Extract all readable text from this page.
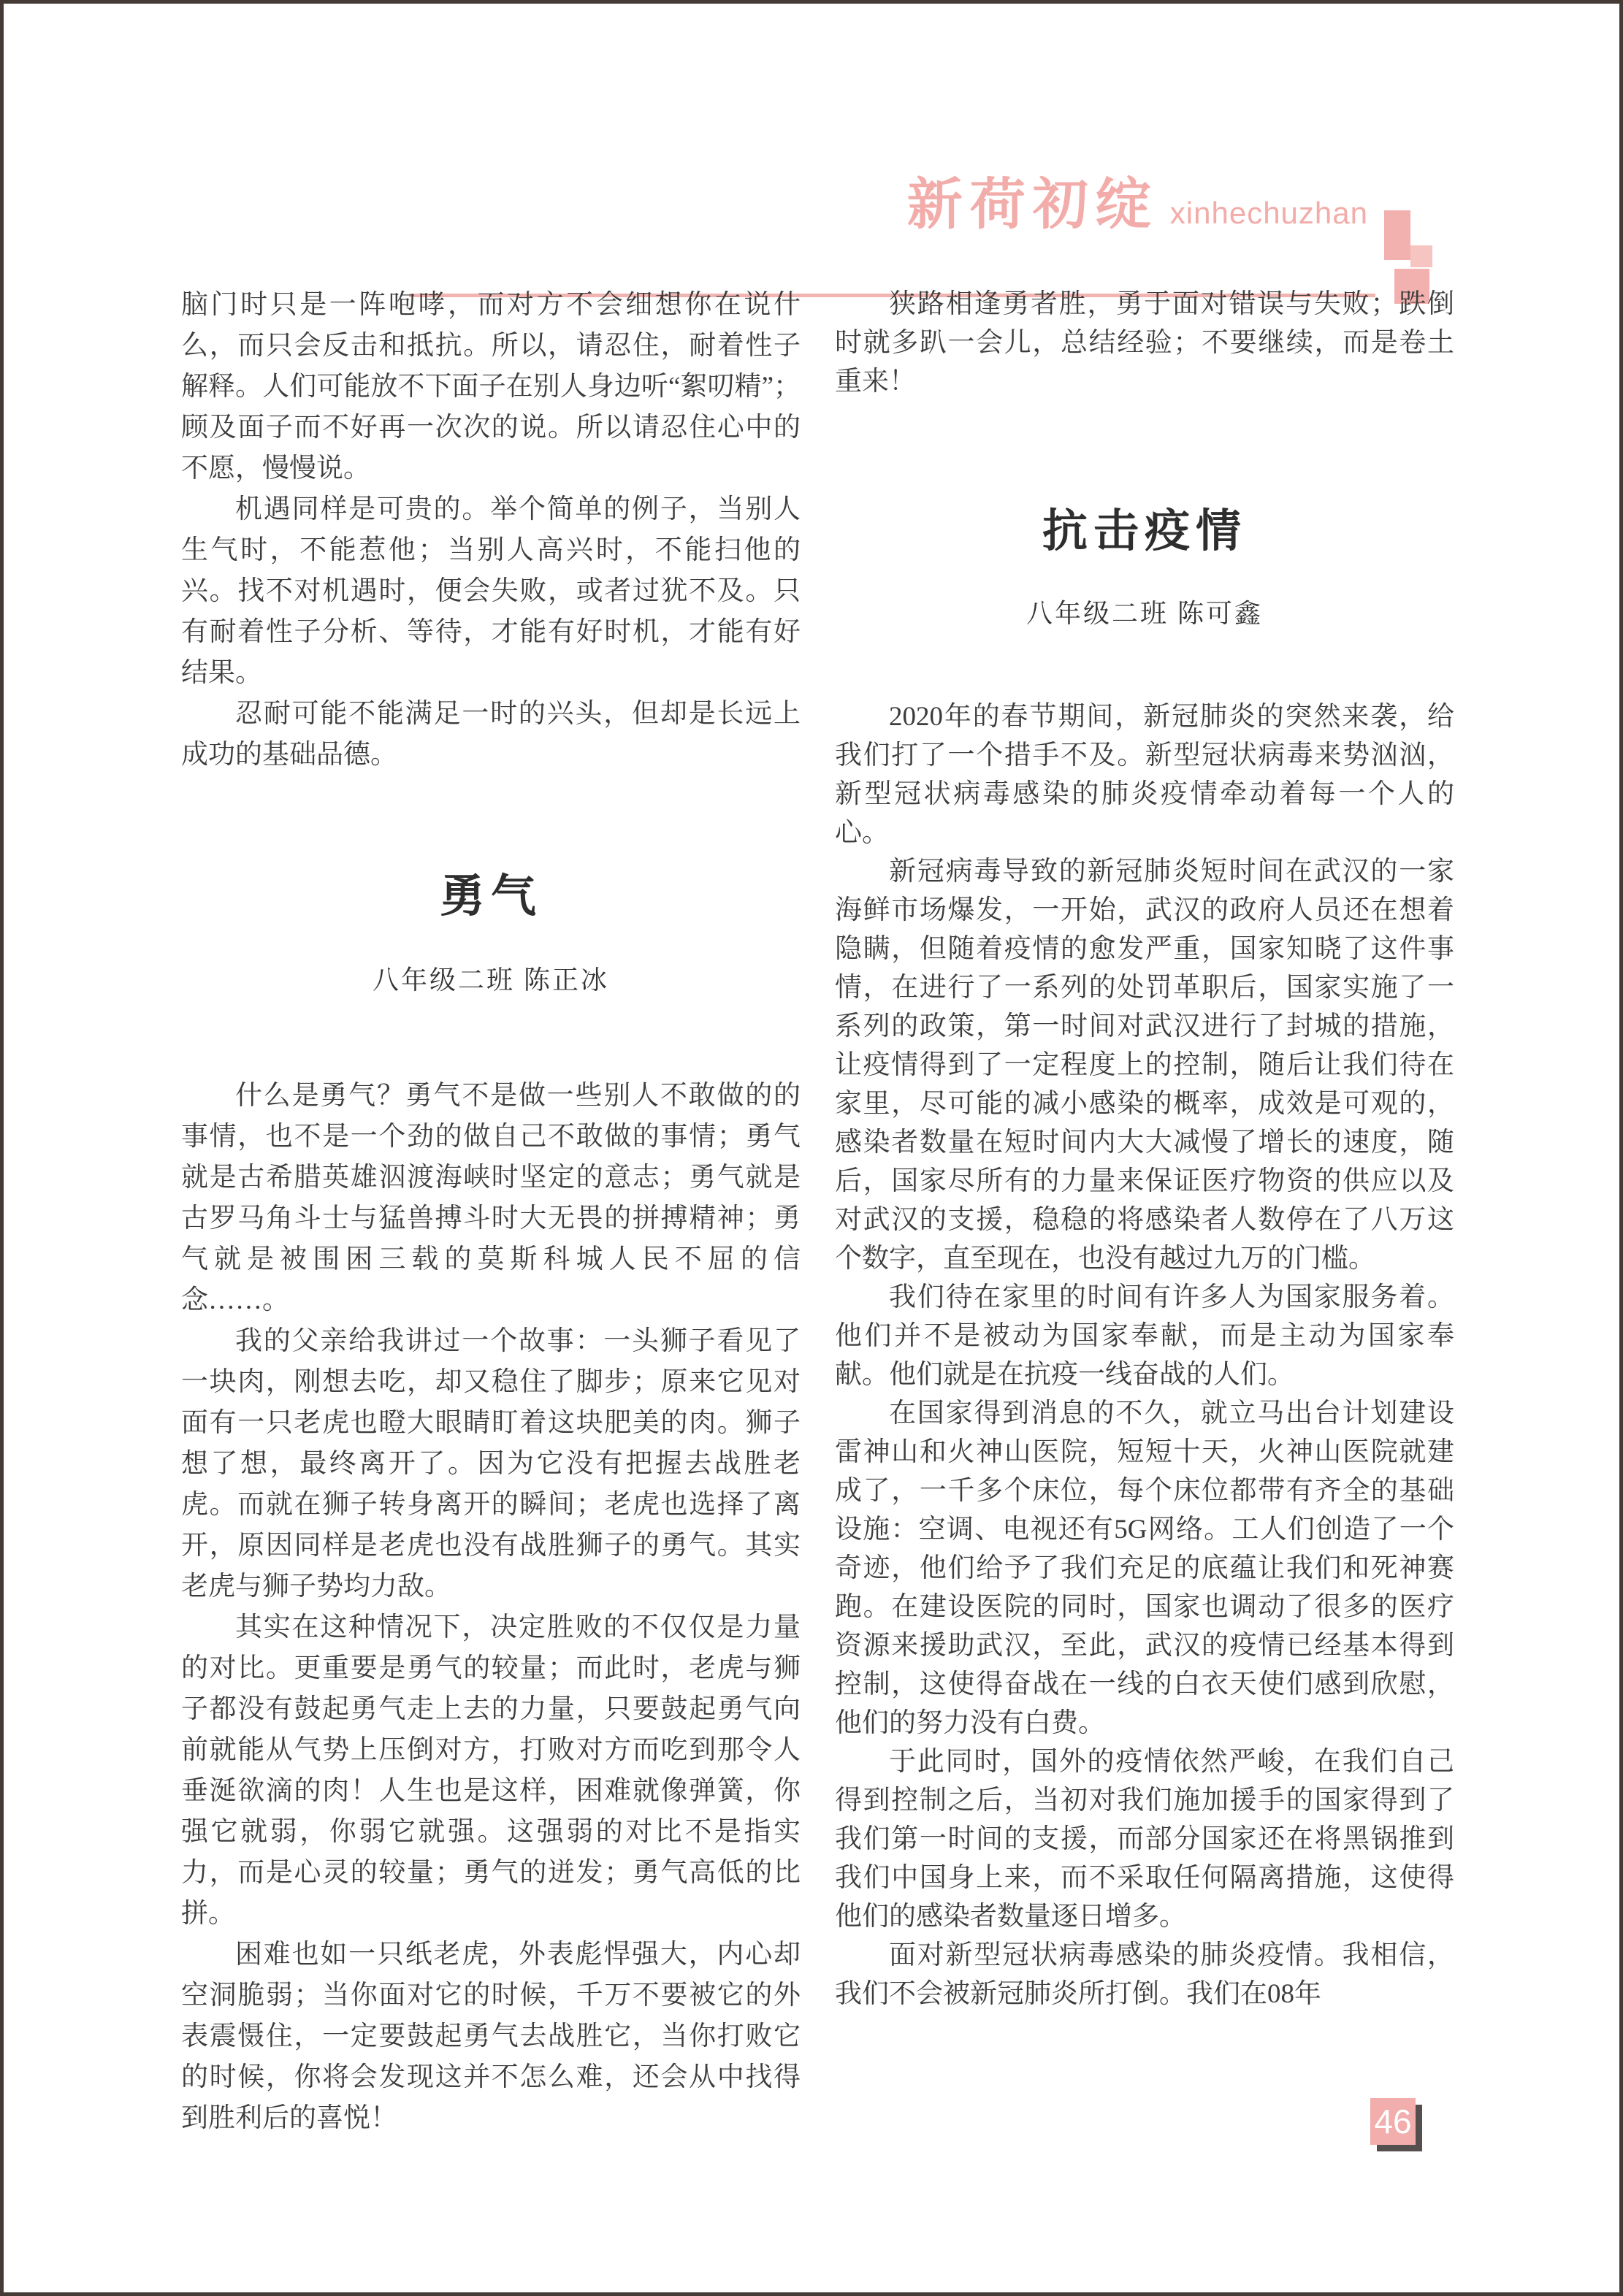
新荷初绽 xinhechuzhan

脑门时只是一阵咆哮，而对方不会细想你在说什么，而只会反击和抵抗。所以，请忍住，耐着性子解释。人们可能放不下面子在别人身边听“絮叨精”；顾及面子而不好再一次次的说。所以请忍住心中的不愿，慢慢说。

机遇同样是可贵的。举个简单的例子，当别人生气时，不能惹他；当别人高兴时，不能扫他的兴。找不对机遇时，便会失败，或者过犹不及。只有耐着性子分析、等待，才能有好时机，才能有好结果。

忍耐可能不能满足一时的兴头，但却是长远上成功的基础品德。

勇气
八年级二班 陈正冰

什么是勇气？勇气不是做一些别人不敢做的的事情，也不是一个劲的做自己不敢做的事情；勇气就是古希腊英雄泅渡海峡时坚定的意志；勇气就是古罗马角斗士与猛兽搏斗时大无畏的拼搏精神；勇气就是被围困三载的莫斯科城人民不屈的信念……。

我的父亲给我讲过一个故事：一头狮子看见了一块肉，刚想去吃，却又稳住了脚步；原来它见对面有一只老虎也瞪大眼睛盯着这块肥美的肉。狮子想了想，最终离开了。因为它没有把握去战胜老虎。而就在狮子转身离开的瞬间；老虎也选择了离开，原因同样是老虎也没有战胜狮子的勇气。其实老虎与狮子势均力敌。

其实在这种情况下，决定胜败的不仅仅是力量的对比。更重要是勇气的较量；而此时，老虎与狮子都没有鼓起勇气走上去的力量，只要鼓起勇气向前就能从气势上压倒对方，打败对方而吃到那令人垂涎欲滴的肉！人生也是这样，困难就像弹簧，你强它就弱，你弱它就强。这强弱的对比不是指实力，而是心灵的较量；勇气的迸发；勇气高低的比拼。

困难也如一只纸老虎，外表彪悍强大，内心却空洞脆弱；当你面对它的时候，千万不要被它的外表震慑住，一定要鼓起勇气去战胜它，当你打败它的时候，你将会发现这并不怎么难，还会从中找得到胜利后的喜悦！

狭路相逢勇者胜，勇于面对错误与失败；跌倒时就多趴一会儿，总结经验；不要继续，而是卷土重来！

抗击疫情
八年级二班 陈可鑫

2020年的春节期间，新冠肺炎的突然来袭，给我们打了一个措手不及。新型冠状病毒来势汹汹，新型冠状病毒感染的肺炎疫情牵动着每一个人的心。

新冠病毒导致的新冠肺炎短时间在武汉的一家海鲜市场爆发，一开始，武汉的政府人员还在想着隐瞒，但随着疫情的愈发严重，国家知晓了这件事情，在进行了一系列的处罚革职后，国家实施了一系列的政策，第一时间对武汉进行了封城的措施，让疫情得到了一定程度上的控制，随后让我们待在家里，尽可能的减小感染的概率，成效是可观的，感染者数量在短时间内大大减慢了增长的速度，随后，国家尽所有的力量来保证医疗物资的供应以及对武汉的支援，稳稳的将感染者人数停在了八万这个数字，直至现在，也没有越过九万的门槛。

我们待在家里的时间有许多人为国家服务着。他们并不是被动为国家奉献，而是主动为国家奉献。他们就是在抗疫一线奋战的人们。

在国家得到消息的不久，就立马出台计划建设雷神山和火神山医院，短短十天，火神山医院就建成了，一千多个床位，每个床位都带有齐全的基础设施：空调、电视还有5G网络。工人们创造了一个奇迹，他们给予了我们充足的底蕴让我们和死神赛跑。在建设医院的同时，国家也调动了很多的医疗资源来援助武汉，至此，武汉的疫情已经基本得到控制，这使得奋战在一线的白衣天使们感到欣慰，他们的努力没有白费。

于此同时，国外的疫情依然严峻，在我们自己得到控制之后，当初对我们施加援手的国家得到了我们第一时间的支援，而部分国家还在将黑锅推到我们中国身上来，而不采取任何隔离措施，这使得他们的感染者数量逐日增多。

面对新型冠状病毒感染的肺炎疫情。我相信，我们不会被新冠肺炎所打倒。我们在08年

46
